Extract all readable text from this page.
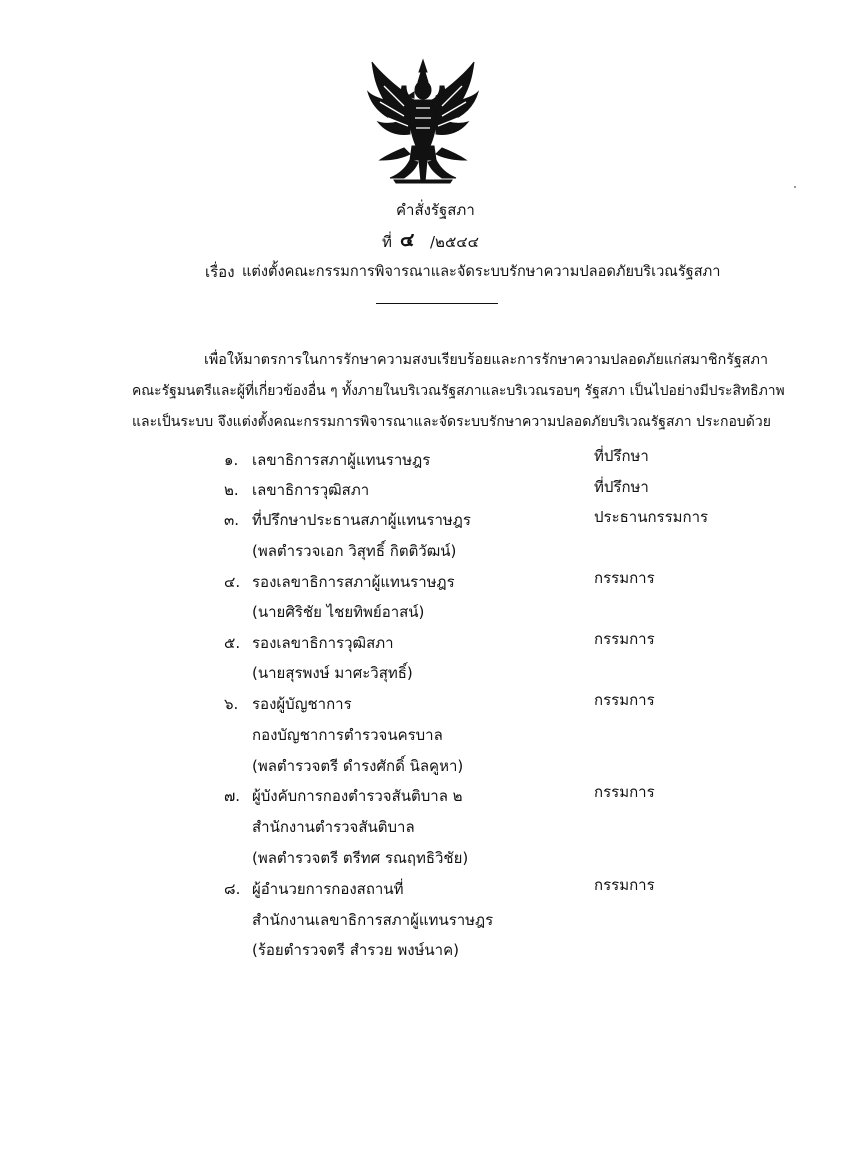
คำสั่งรัฐสภา
ที่ ๔ /๒๕๔๔
เรื่อง แต่งตั้งคณะกรรมการพิจารณาและจัดระบบรักษาความปลอดภัยบริเวณรัฐสภา
เพื่อให้มาตรการในการรักษาความสงบเรียบร้อยและการรักษาความปลอดภัยแก่สมาชิกรัฐสภา
คณะรัฐมนตรีและผู้ที่เกี่ยวข้องอื่น ๆ ทั้งภายในบริเวณรัฐสภาและบริเวณรอบๆ รัฐสภา เป็นไปอย่างมีประสิทธิภาพ
และเป็นระบบ จึงแต่งตั้งคณะกรรมการพิจารณาและจัดระบบรักษาความปลอดภัยบริเวณรัฐสภา ประกอบด้วย
๑. เลขาธิการสภาผู้แทนราษฎร	ที่ปรึกษา
๒. เลขาธิการวุฒิสภา	ที่ปรึกษา
๓. ที่ปรึกษาประธานสภาผู้แทนราษฎร	ประธานกรรมการ
(พลตำรวจเอก วิสุทธิ์ กิตติวัฒน์)
๔. รองเลขาธิการสภาผู้แทนราษฎร	กรรมการ
(นายศิริชัย ไชยทิพย์อาสน์)
๕. รองเลขาธิการวุฒิสภา	กรรมการ
(นายสุรพงษ์ มาศะวิสุทธิ์)
๖. รองผู้บัญชาการ	กรรมการ
กองบัญชาการตำรวจนครบาล
(พลตำรวจตรี ดำรงศักดิ์ นิลคูหา)
๗. ผู้บังคับการกองตำรวจสันติบาล ๒	กรรมการ
สำนักงานตำรวจสันติบาล
(พลตำรวจตรี ตรีทศ รณฤทธิวิชัย)
๘. ผู้อำนวยการกองสถานที่	กรรมการ
สำนักงานเลขาธิการสภาผู้แทนราษฎร
(ร้อยตำรวจตรี สำรวย พงษ์นาค)
